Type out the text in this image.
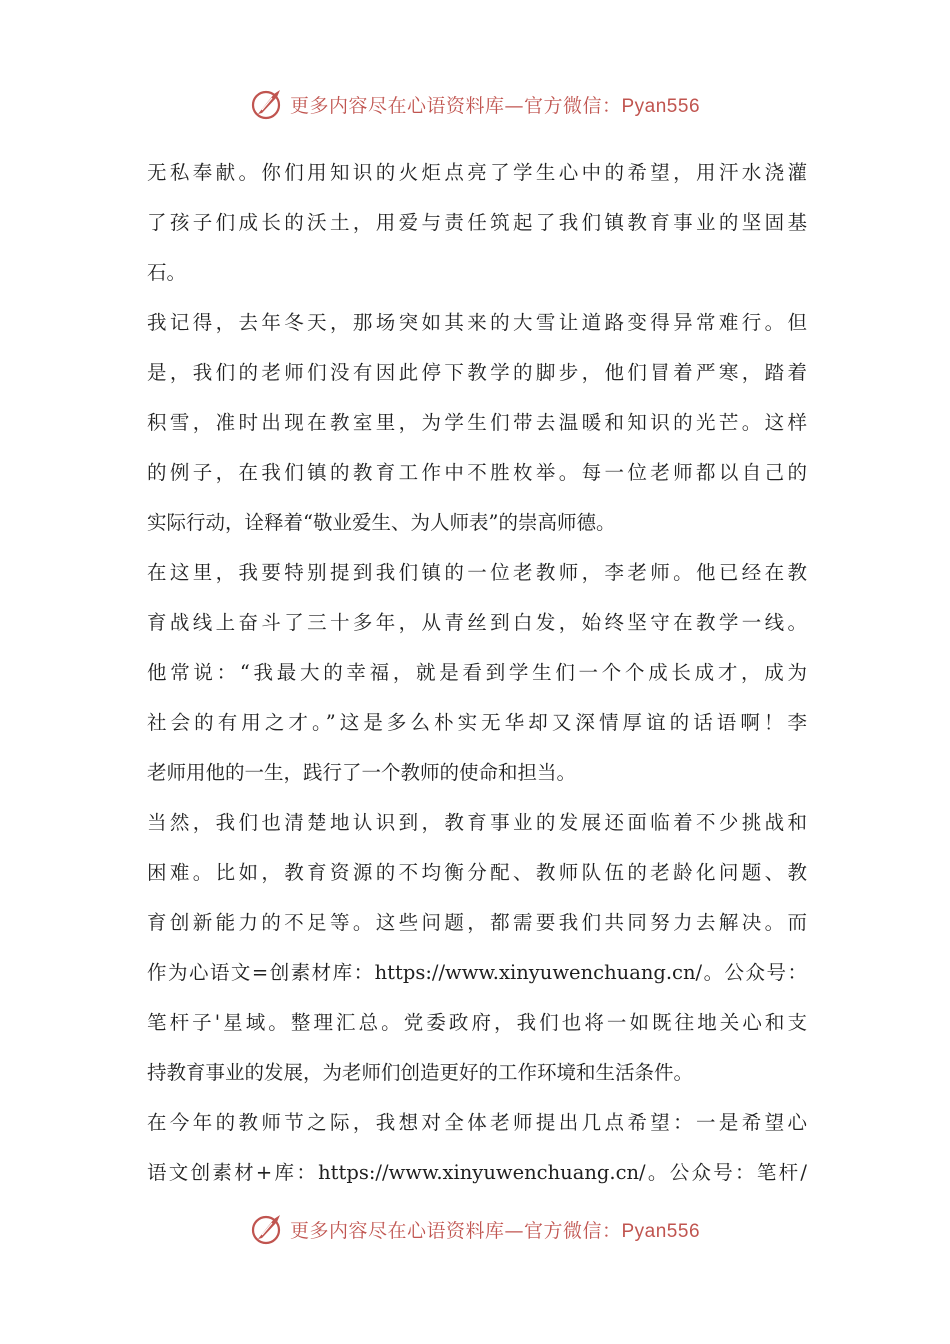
更多内容尽在心语资料库—官方微信：Pyan556
无私奉献。你们用知识的火炬点亮了学生心中的希望，用汗水浇灌
了孩子们成长的沃土，用爱与责任筑起了我们镇教育事业的坚固基
石。
我记得，去年冬天，那场突如其来的大雪让道路变得异常难行。但
是，我们的老师们没有因此停下教学的脚步，他们冒着严寒，踏着
积雪，准时出现在教室里，为学生们带去温暖和知识的光芒。这样
的例子，在我们镇的教育工作中不胜枚举。每一位老师都以自己的
实际行动，诠释着“敬业爱生、为人师表”的崇高师德。
在这里，我要特别提到我们镇的一位老教师，李老师。他已经在教
育战线上奋斗了三十多年，从青丝到白发，始终坚守在教学一线。
他常说：“我最大的幸福，就是看到学生们一个个成长成才，成为
社会的有用之才。”这是多么朴实无华却又深情厚谊的话语啊！李
老师用他的一生，践行了一个教师的使命和担当。
当然，我们也清楚地认识到，教育事业的发展还面临着不少挑战和
困难。比如，教育资源的不均衡分配、教师队伍的老龄化问题、教
育创新能力的不足等。这些问题，都需要我们共同努力去解决。而
作为心语文=创素材库：https://www.xinyuwenchuang.cn/。公众号：
笔杆子'星域。整理汇总。党委政府，我们也将一如既往地关心和支
持教育事业的发展，为老师们创造更好的工作环境和生活条件。
在今年的教师节之际，我想对全体老师提出几点希望：一是希望心
语文创素材+库：https://www.xinyuwenchuang.cn/。公众号：笔杆/
更多内容尽在心语资料库—官方微信：Pyan556
